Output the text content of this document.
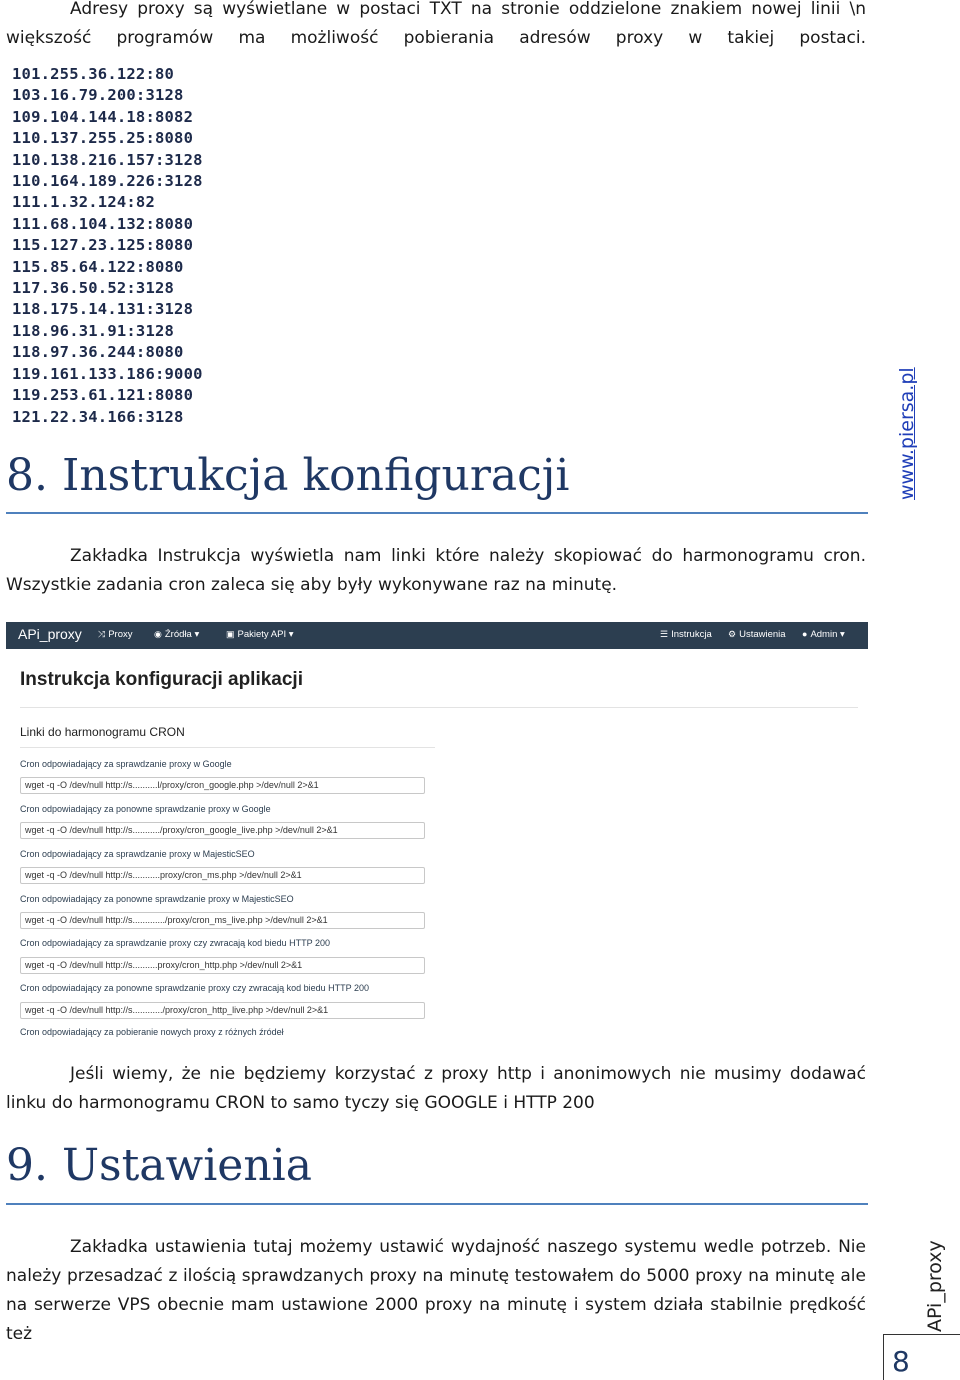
Adresy proxy są wyświetlane w postaci TXT na stronie oddzielone znakiem nowej linii \n
większość programów ma możliwość pobierania adresów proxy w takiej postaci.
101.255.36.122:80
103.16.79.200:3128
109.104.144.18:8082
110.137.255.25:8080
110.138.216.157:3128
110.164.189.226:3128
111.1.32.124:82
111.68.104.132:8080
115.127.23.125:8080
115.85.64.122:8080
117.36.50.52:3128
118.175.14.131:3128
118.96.31.91:3128
118.97.36.244:8080
119.161.133.186:9000
119.253.61.121:8080
121.22.34.166:3128	www.piersa.pl
8. Instrukcja konfiguracji
Zakładka Instrukcja wyświetla nam linki które należy skopiować do harmonogramu cron.
Wszystkie zadania cron zaleca się aby były wykonywane raz na minutę.
APi_proxy ⤨ Proxy ◉ Źródła ▾	▣ Pakiety API ▾	☰ Instrukcja ⚙ Ustawienia ● Admin ▾
Instrukcja konfiguracji aplikacji
Linki do harmonogramu CRON
Cron odpowiadający za sprawdzanie proxy w Google
wget -q -O /dev/null http://s..........l/proxy/cron_google.php >/dev/null 2>&1
Cron odpowiadający za ponowne sprawdzanie proxy w Google
wget -q -O /dev/null http://s.........../proxy/cron_google_live.php >/dev/null 2>&1
Cron odpowiadający za sprawdzanie proxy w MajesticSEO
wget -q -O /dev/null http://s...........proxy/cron_ms.php >/dev/null 2>&1
Cron odpowiadający za ponowne sprawdzanie proxy w MajesticSEO
wget -q -O /dev/null http://s............./proxy/cron_ms_live.php >/dev/null 2>&1
Cron odpowiadający za sprawdzanie proxy czy zwracają kod biedu HTTP 200
wget -q -O /dev/null http://s..........proxy/cron_http.php >/dev/null 2>&1
Cron odpowiadający za ponowne sprawdzanie proxy czy zwracają kod biedu HTTP 200
wget -q -O /dev/null http://s............/proxy/cron_http_live.php >/dev/null 2>&1
Cron odpowiadający za pobieranie nowych proxy z różnych źródeł
Jeśli wiemy, że nie będziemy korzystać z proxy http i anonimowych nie musimy dodawać
linku do harmonogramu CRON to samo tyczy się GOOGLE i HTTP 200
9. Ustawienia
Zakładka ustawienia tutaj możemy ustawić wydajność naszego systemu wedle potrzeb. Nie
należy przesadzać z ilością sprawdzanych proxy na minutę testowałem do 5000 proxy na minutę ale
na serwerze VPS obecnie mam ustawione 2000 proxy na minutę i system działa stabilnie prędkość też
APi_proxy
8
